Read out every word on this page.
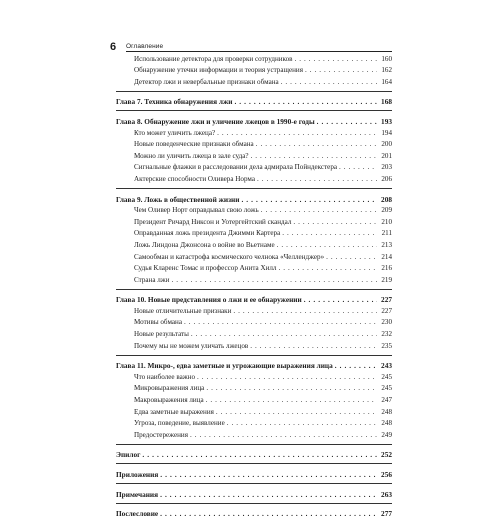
6 Оглавление
Использование детектора для проверки сотрудников . . .	160
Обнаружение утечки информации и теория устращения . . .	162
Детектор лжи и невербальные признаки обмана . . .	164
Глава 7. Техника обнаружения лжи . . .	168
Глава 8. Обнаружение лжи и уличение лжецов в 1990-е годы . . .	193
Кто может уличить лжеца? . . .	194
Новые поведенческие признаки обмана . . .	200
Можно ли уличить лжеца в зале суда? . . .	201
Сигнальные флажки в расследовании дела адмирала Пойндекстера . . .	203
Актерские способности Оливера Норма . . .	206
Глава 9. Ложь в общественной жизни . . .	208
Чем Оливер Норт оправдывал свою ложь . . .	209
Президент Ричард Никсон и Уотергейтский скандал . . .	210
Оправданная ложь президента Джимми Картера . . .	211
Ложь Линдона Джонсона о войне во Вьетнаме . . .	213
Самообман и катастрофа космического челнока «Челленджер» . . .	214
Судья Кларенс Томас и профессор Анита Хилл . . .	216
Страна лжи . . .	219
Глава 10. Новые представления о лжи и ее обнаружении . . .	227
Новые отличительные признаки . . .	227
Мотивы обмана . . .	230
Новые результаты . . .	232
Почему мы не можем уличать лжецов . . .	235
Глава 11. Микро-, едва заметные и угрожающие выражения лица . . .	243
Что наиболее важно . . .	245
Микровыражения лица . . .	245
Макровыражения лица . . .	247
Едва заметные выражения . . .	248
Угроза, поведение, выявление . . .	248
Предостережения . . .	249
Эпилог . . .	252
Приложения . . .	256
Примечания . . .	263
Послесловие . . .	277
